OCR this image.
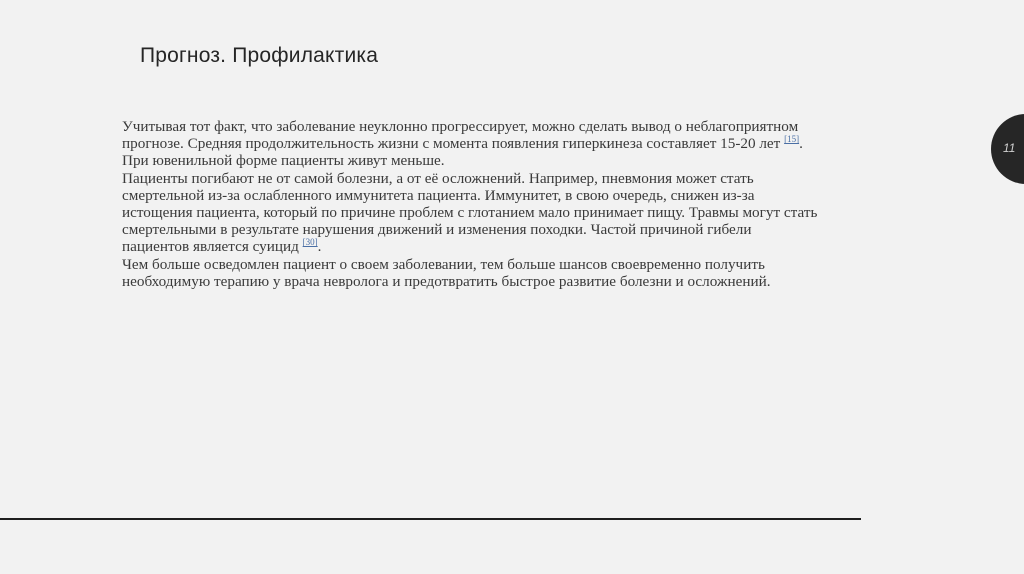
Прогноз. Профилактика

Учитывая тот факт, что заболевание неуклонно прогрессирует, можно сделать вывод о неблагоприятном прогнозе. Средняя продолжительность жизни с момента появления гиперкинеза составляет 15-20 лет [15]. При ювенильной форме пациенты живут меньше.

Пациенты погибают не от самой болезни, а от её осложнений. Например, пневмония может стать смертельной из-за ослабленного иммунитета пациента. Иммунитет, в свою очередь, снижен из-за истощения пациента, который по причине проблем с глотанием мало принимает пищу. Травмы могут стать смертельными в результате нарушения движений и изменения походки. Частой причиной гибели пациентов является суицид [30].

Чем больше осведомлен пациент о своем заболевании, тем больше шансов своевременно получить необходимую терапию у врача невролога и предотвратить быстрое развитие болезни и осложнений.

11
